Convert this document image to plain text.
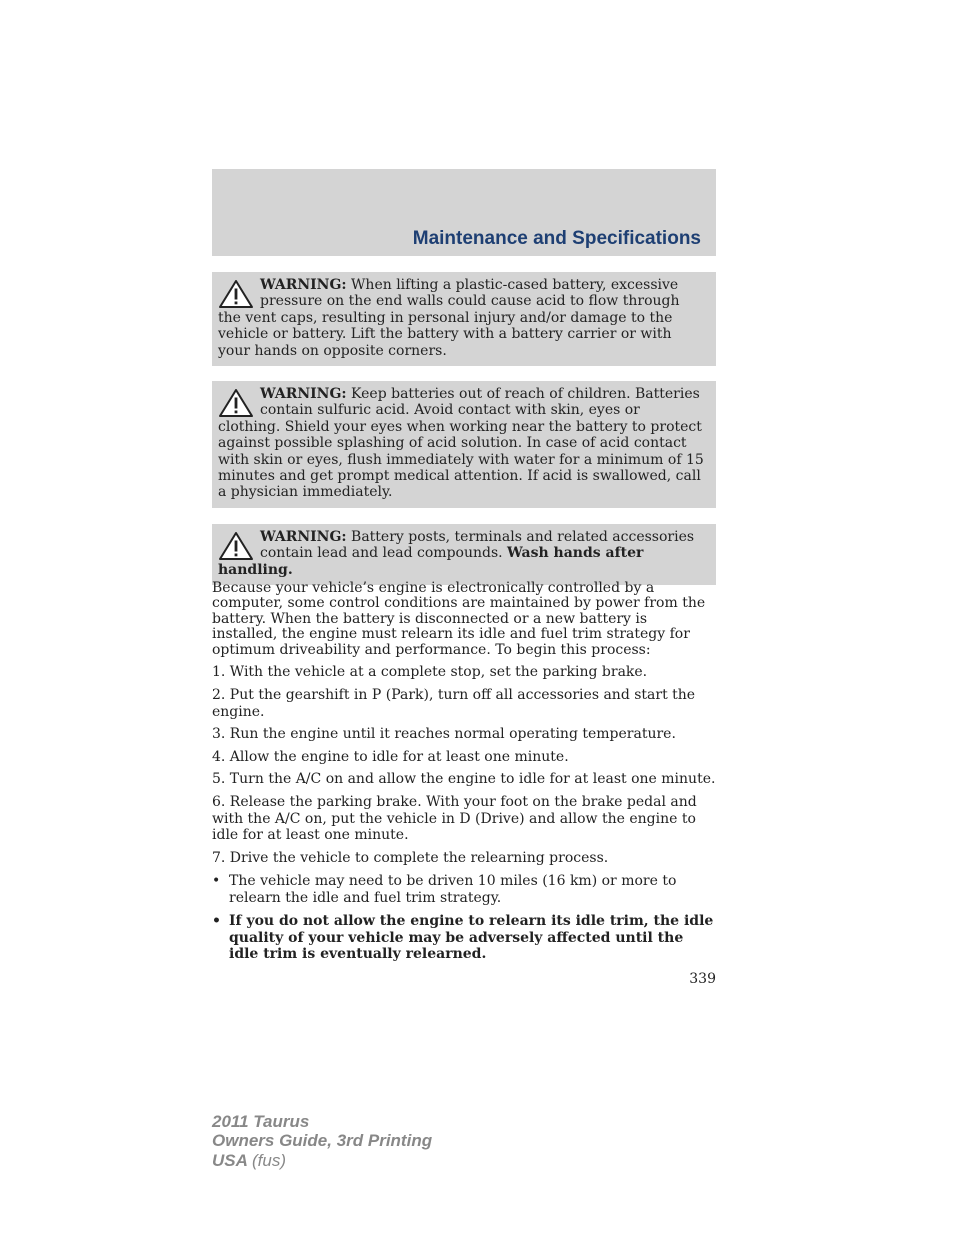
Maintenance and Specifications
WARNING: When lifting a plastic-cased battery, excessive pressure on the end walls could cause acid to flow through the vent caps, resulting in personal injury and/or damage to the vehicle or battery. Lift the battery with a battery carrier or with your hands on opposite corners.
WARNING: Keep batteries out of reach of children. Batteries contain sulfuric acid. Avoid contact with skin, eyes or clothing. Shield your eyes when working near the battery to protect against possible splashing of acid solution. In case of acid contact with skin or eyes, flush immediately with water for a minimum of 15 minutes and get prompt medical attention. If acid is swallowed, call a physician immediately.
WARNING: Battery posts, terminals and related accessories contain lead and lead compounds. Wash hands after handling.

Because your vehicle’s engine is electronically controlled by a computer, some control conditions are maintained by power from the battery. When the battery is disconnected or a new battery is installed, the engine must relearn its idle and fuel trim strategy for optimum driveability and performance. To begin this process:

1. With the vehicle at a complete stop, set the parking brake.

2. Put the gearshift in P (Park), turn off all accessories and start the engine.

3. Run the engine until it reaches normal operating temperature.

4. Allow the engine to idle for at least one minute.

5. Turn the A/C on and allow the engine to idle for at least one minute.

6. Release the parking brake. With your foot on the brake pedal and with the A/C on, put the vehicle in D (Drive) and allow the engine to idle for at least one minute.

7. Drive the vehicle to complete the relearning process.

• The vehicle may need to be driven 10 miles (16 km) or more to relearn the idle and fuel trim strategy.
• If you do not allow the engine to relearn its idle trim, the idle quality of your vehicle may be adversely affected until the idle trim is eventually relearned.
339
2011 Taurus
Owners Guide, 3rd Printing
USA (fus)
